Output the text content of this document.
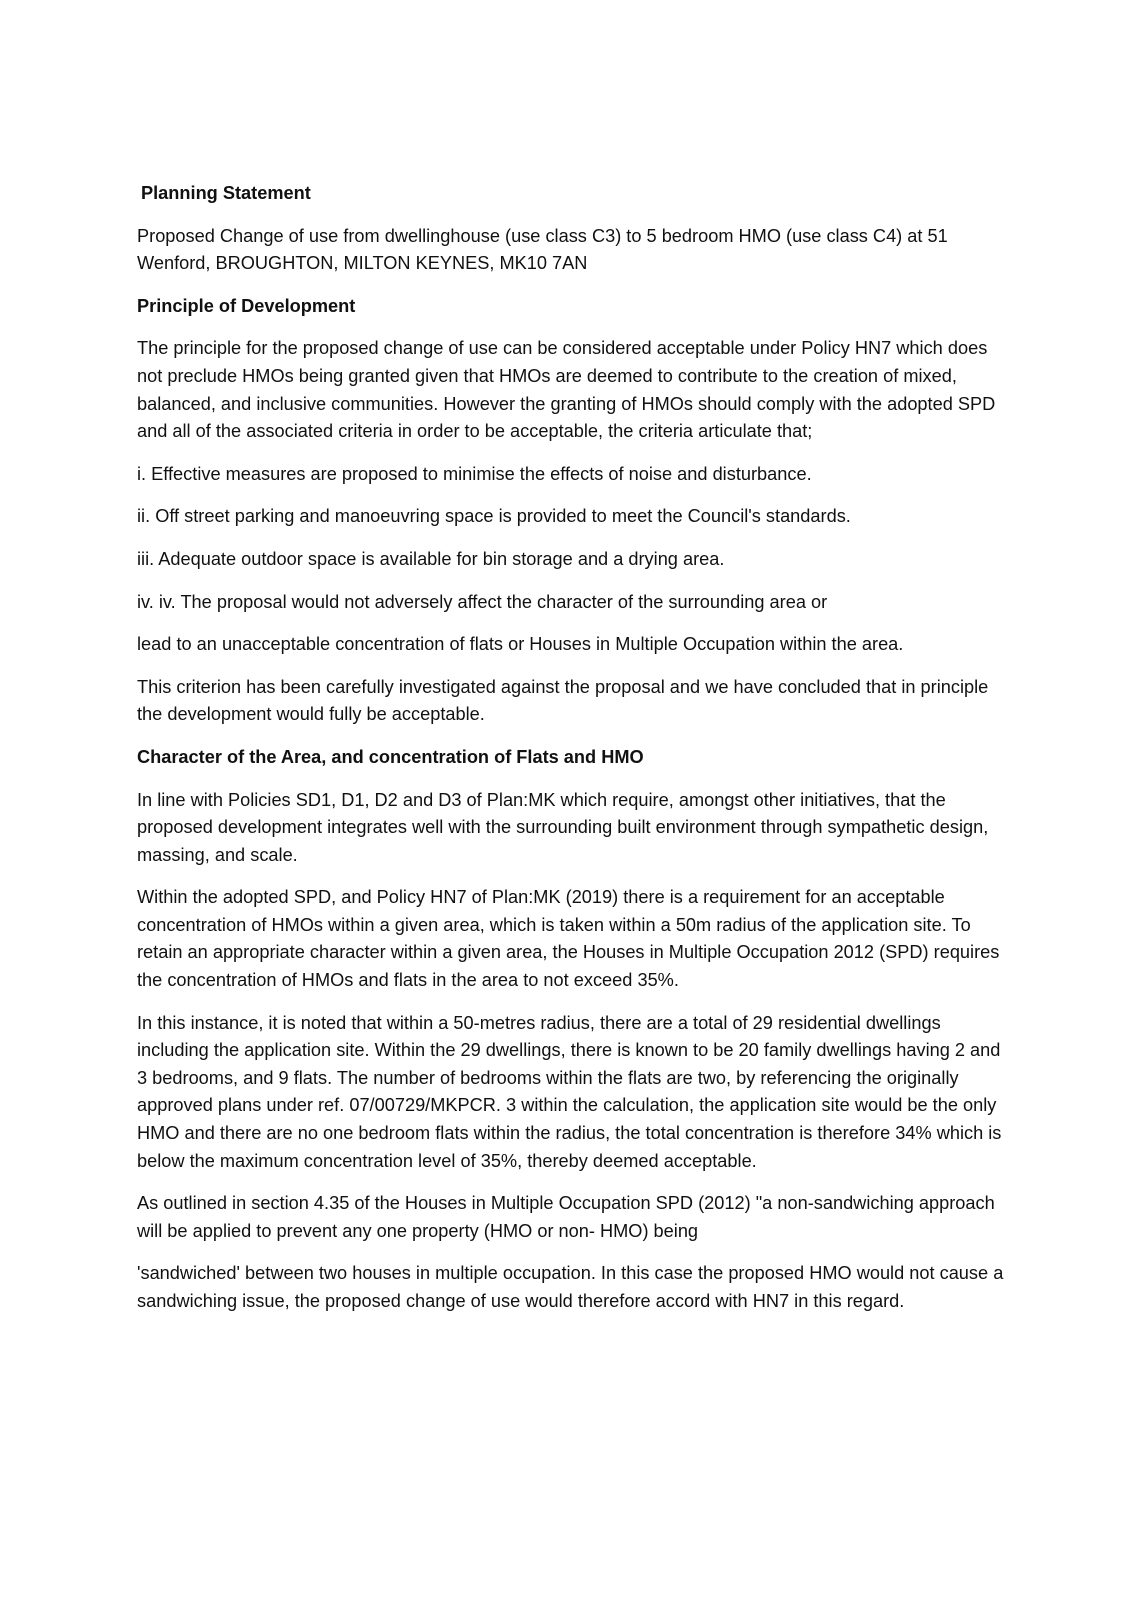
Planning Statement

Proposed Change of use from dwellinghouse (use class C3) to 5 bedroom HMO (use class C4) at 51 Wenford, BROUGHTON, MILTON KEYNES, MK10 7AN

Principle of Development

The principle for the proposed change of use can be considered acceptable under Policy HN7 which does not preclude HMOs being granted given that HMOs are deemed to contribute to the creation of mixed, balanced, and inclusive communities. However the granting of HMOs should comply with the adopted SPD and all of the associated criteria in order to be acceptable, the criteria articulate that;

i. Effective measures are proposed to minimise the effects of noise and disturbance.

ii. Off street parking and manoeuvring space is provided to meet the Council's standards.

iii. Adequate outdoor space is available for bin storage and a drying area.

iv. iv. The proposal would not adversely affect the character of the surrounding area or

lead to an unacceptable concentration of flats or Houses in Multiple Occupation within the area.

This criterion has been carefully investigated against the proposal and we have concluded that in principle the development would fully be acceptable.

Character of the Area, and concentration of Flats and HMO

In line with Policies SD1, D1, D2 and D3 of Plan:MK which require, amongst other initiatives, that the proposed development integrates well with the surrounding built environment through sympathetic design, massing, and scale.

Within the adopted SPD, and Policy HN7 of Plan:MK (2019) there is a requirement for an acceptable concentration of HMOs within a given area, which is taken within a 50m radius of the application site. To retain an appropriate character within a given area, the Houses in Multiple Occupation 2012 (SPD) requires the concentration of HMOs and flats in the area to not exceed 35%.

In this instance, it is noted that within a 50-metres radius, there are a total of 29 residential dwellings including the application site. Within the 29 dwellings, there is known to be 20 family dwellings having 2 and 3 bedrooms, and 9 flats. The number of bedrooms within the flats are two, by referencing the originally approved plans under ref. 07/00729/MKPCR. 3 within the calculation, the application site would be the only HMO and there are no one bedroom flats within the radius, the total concentration is therefore 34% which is below the maximum concentration level of 35%, thereby deemed acceptable.

As outlined in section 4.35 of the Houses in Multiple Occupation SPD (2012) "a non-sandwiching approach will be applied to prevent any one property (HMO or non- HMO) being

'sandwiched' between two houses in multiple occupation. In this case the proposed HMO would not cause a sandwiching issue, the proposed change of use would therefore accord with HN7 in this regard.
